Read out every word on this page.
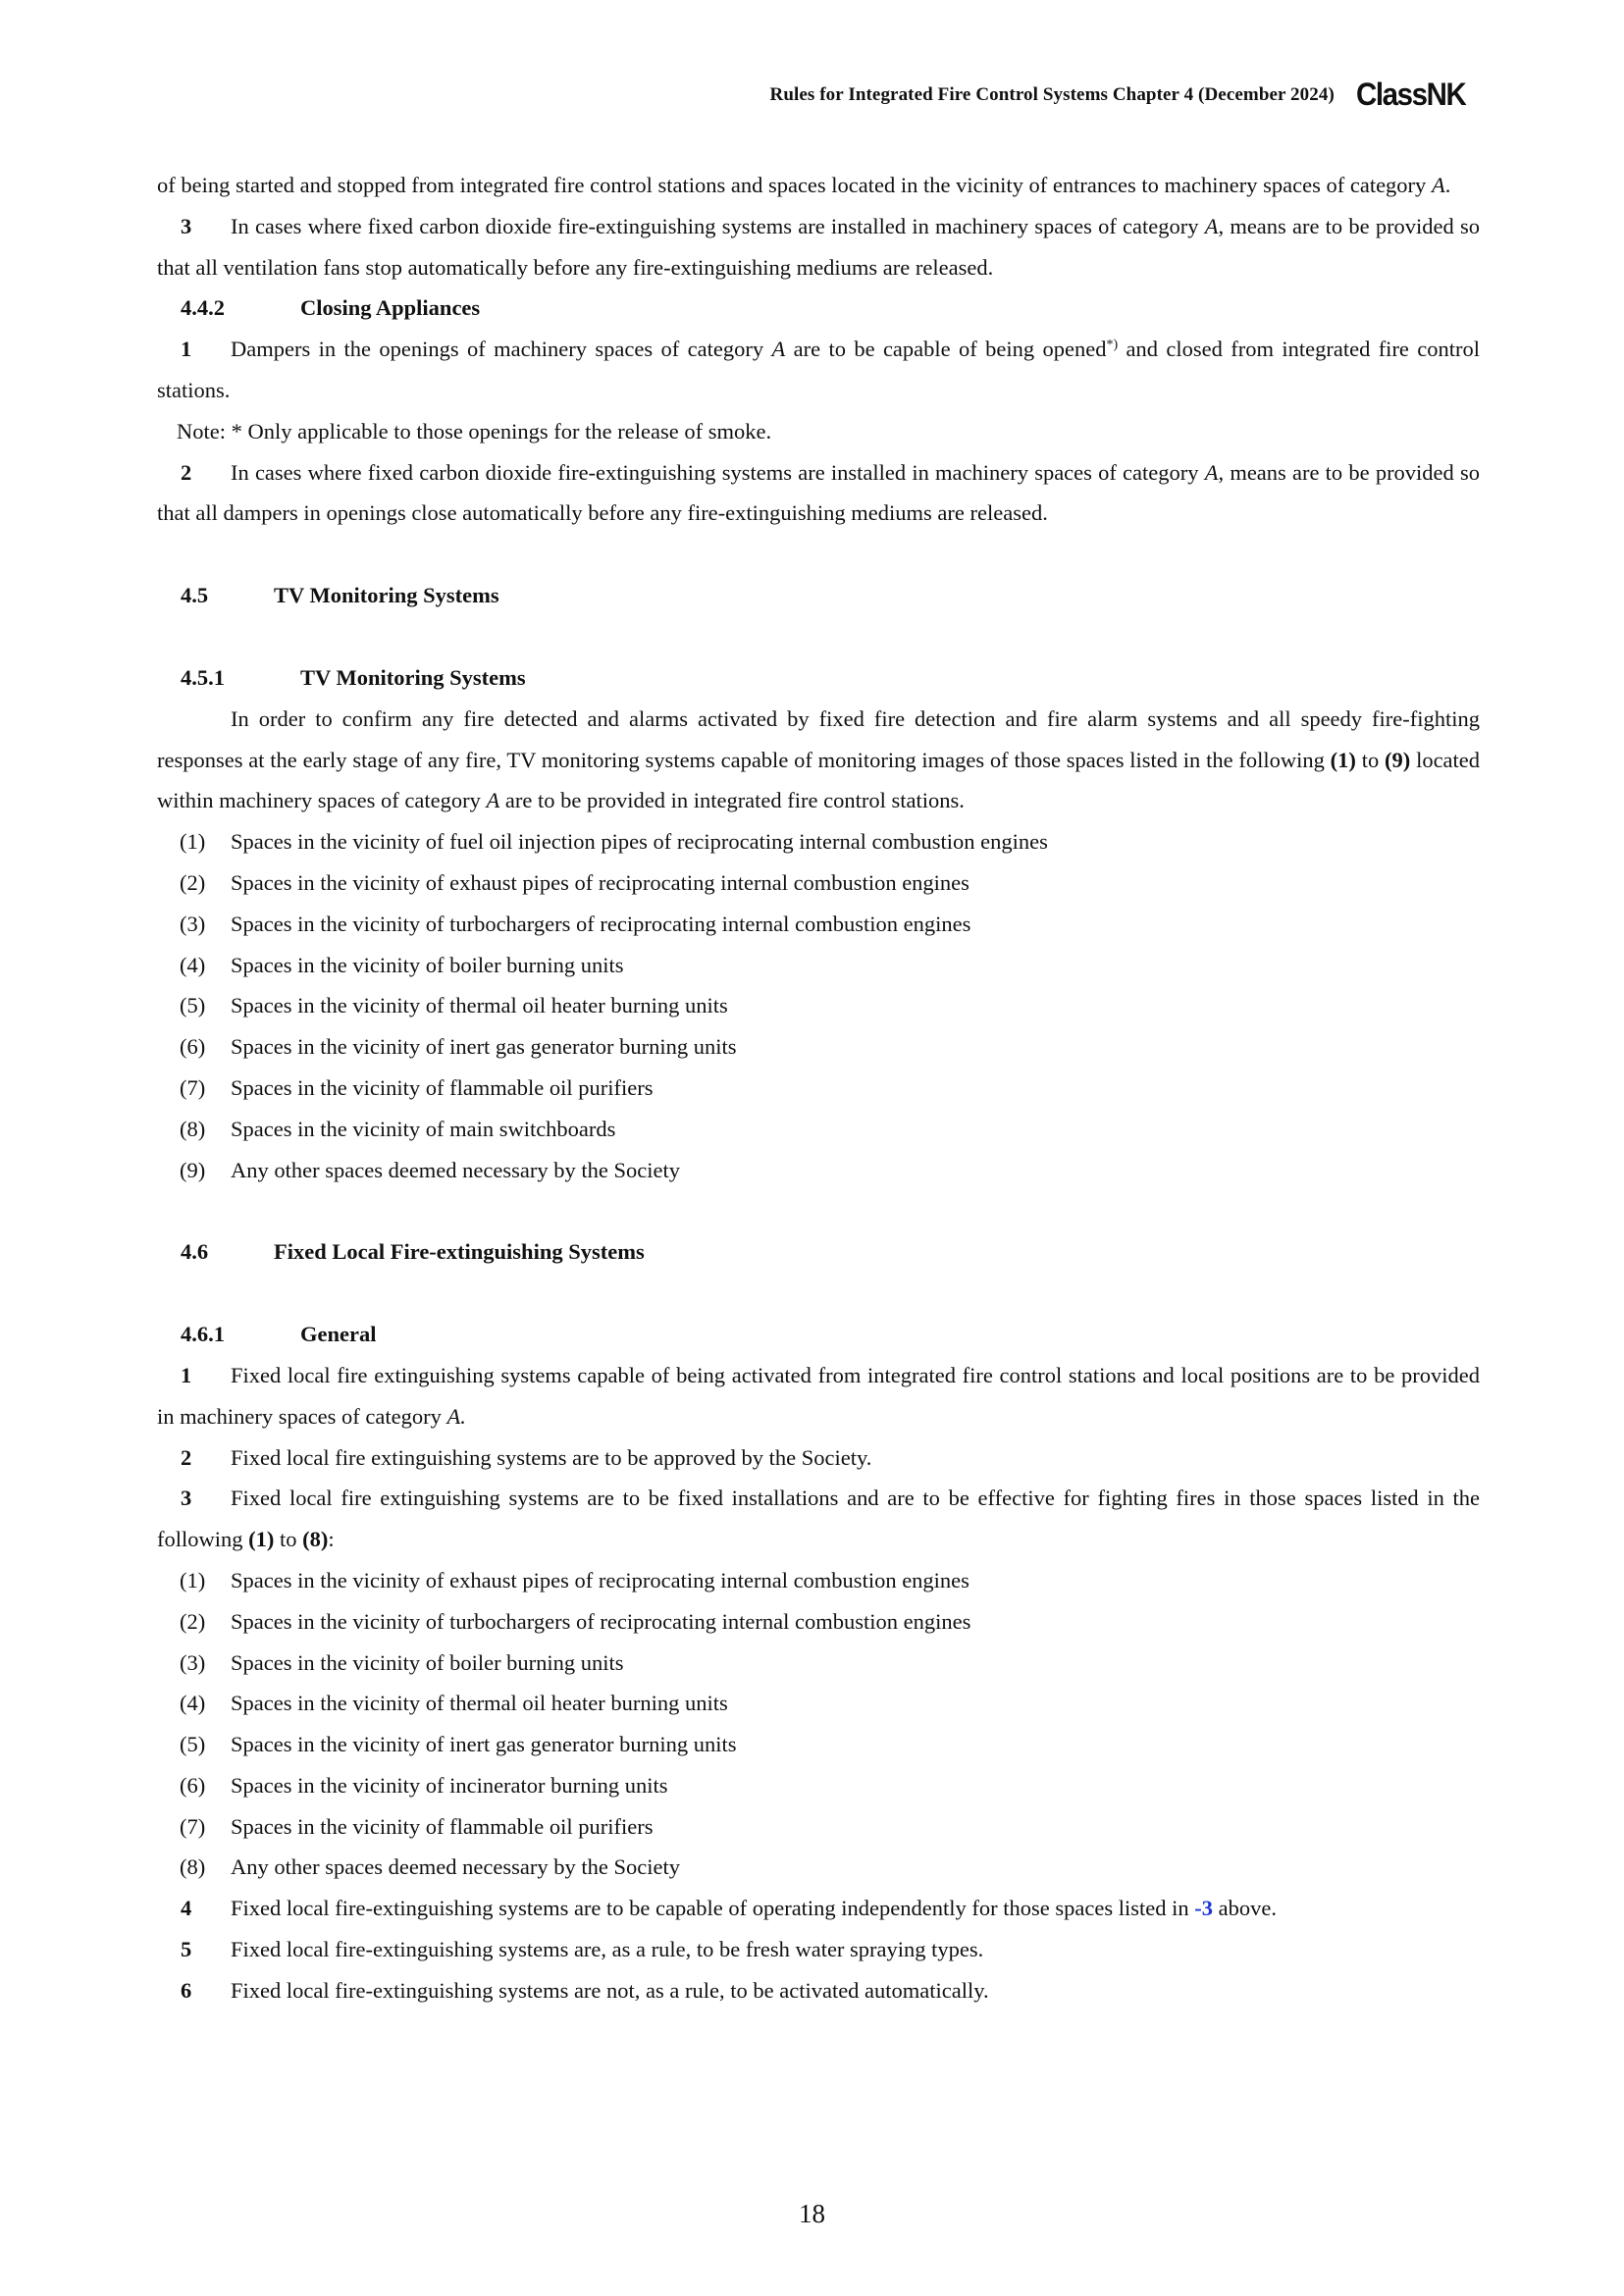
Rules for Integrated Fire Control Systems Chapter 4 (December 2024) ClassNK

of being started and stopped from integrated fire control stations and spaces located in the vicinity of entrances to machinery spaces of category A.

3 In cases where fixed carbon dioxide fire-extinguishing systems are installed in machinery spaces of category A, means are to be provided so that all ventilation fans stop automatically before any fire-extinguishing mediums are released.

4.4.2	Closing Appliances

1 Dampers in the openings of machinery spaces of category A are to be capable of being opened*) and closed from integrated fire control stations.

Note: * Only applicable to those openings for the release of smoke.

2 In cases where fixed carbon dioxide fire-extinguishing systems are installed in machinery spaces of category A, means are to be provided so that all dampers in openings close automatically before any fire-extinguishing mediums are released.

4.5	TV Monitoring Systems
4.5.1	TV Monitoring Systems

In order to confirm any fire detected and alarms activated by fixed fire detection and fire alarm systems and all speedy fire-fighting responses at the early stage of any fire, TV monitoring systems capable of monitoring images of those spaces listed in the following (1) to (9) located within machinery spaces of category A are to be provided in integrated fire control stations.

(1)	Spaces in the vicinity of fuel oil injection pipes of reciprocating internal combustion engines
(2)	Spaces in the vicinity of exhaust pipes of reciprocating internal combustion engines
(3)	Spaces in the vicinity of turbochargers of reciprocating internal combustion engines
(4)	Spaces in the vicinity of boiler burning units
(5)	Spaces in the vicinity of thermal oil heater burning units
(6)	Spaces in the vicinity of inert gas generator burning units
(7)	Spaces in the vicinity of flammable oil purifiers
(8)	Spaces in the vicinity of main switchboards
(9)	Any other spaces deemed necessary by the Society
4.6	Fixed Local Fire-extinguishing Systems
4.6.1	General

1 Fixed local fire extinguishing systems capable of being activated from integrated fire control stations and local positions are to be provided in machinery spaces of category A.

2 Fixed local fire extinguishing systems are to be approved by the Society.

3 Fixed local fire extinguishing systems are to be fixed installations and are to be effective for fighting fires in those spaces listed in the following (1) to (8):

(1)	Spaces in the vicinity of exhaust pipes of reciprocating internal combustion engines
(2)	Spaces in the vicinity of turbochargers of reciprocating internal combustion engines
(3)	Spaces in the vicinity of boiler burning units
(4)	Spaces in the vicinity of thermal oil heater burning units
(5)	Spaces in the vicinity of inert gas generator burning units
(6)	Spaces in the vicinity of incinerator burning units
(7)	Spaces in the vicinity of flammable oil purifiers
(8)	Any other spaces deemed necessary by the Society

4 Fixed local fire-extinguishing systems are to be capable of operating independently for those spaces listed in -3 above.

5 Fixed local fire-extinguishing systems are, as a rule, to be fresh water spraying types.

6 Fixed local fire-extinguishing systems are not, as a rule, to be activated automatically.

18
